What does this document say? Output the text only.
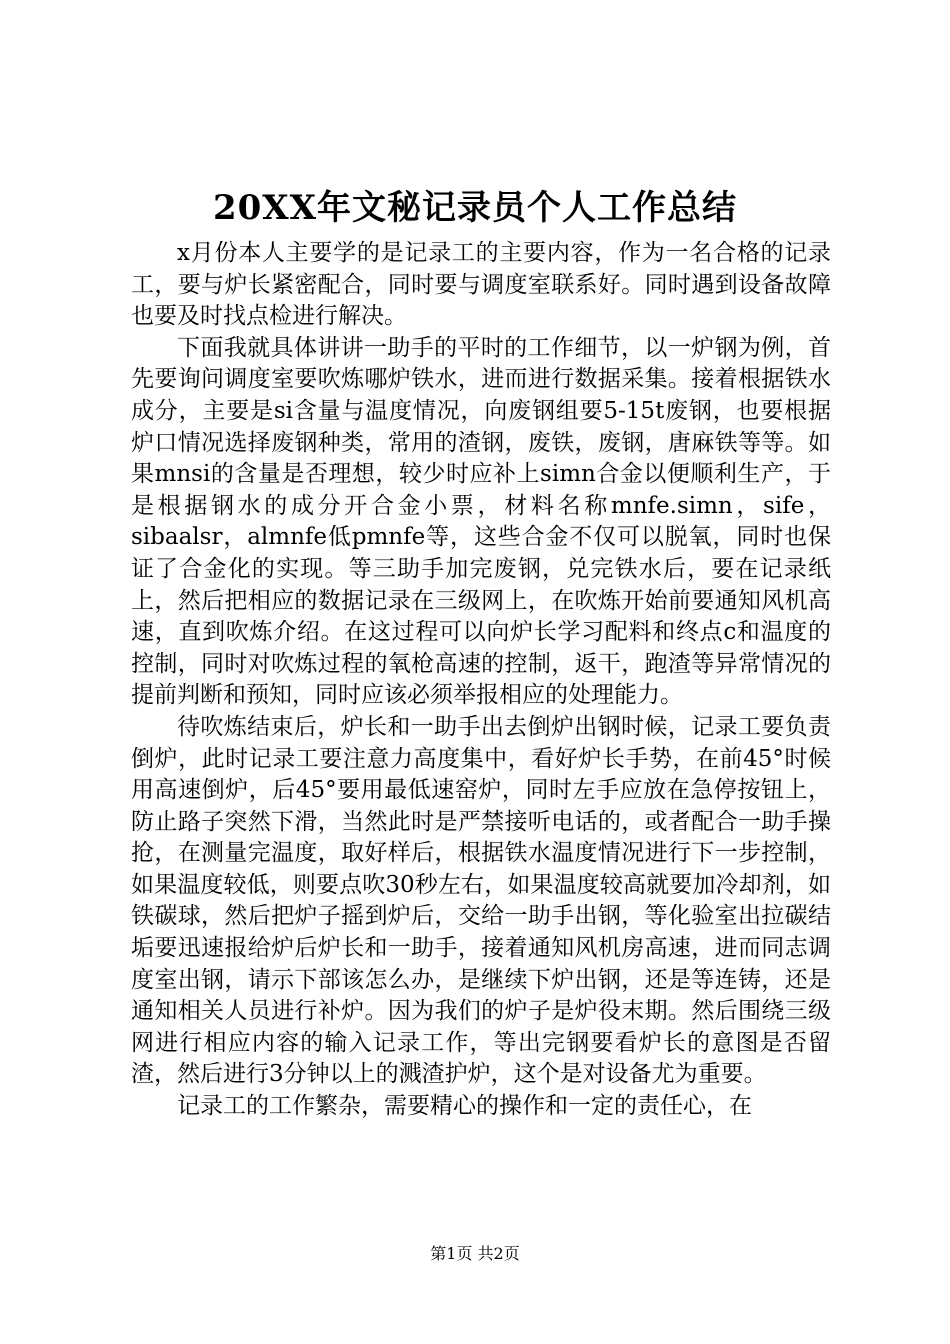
20XX年文秘记录员个人工作总结

x月份本人主要学的是记录工的主要内容，作为一名合格的记录工，要与炉长紧密配合，同时要与调度室联系好。同时遇到设备故障也要及时找点检进行解决。

下面我就具体讲讲一助手的平时的工作细节，以一炉钢为例，首先要询问调度室要吹炼哪炉铁水，进而进行数据采集。接着根据铁水成分，主要是si含量与温度情况，向废钢组要5-15t废钢，也要根据炉口情况选择废钢种类，常用的渣钢，废铁，废钢，唐麻铁等等。如果mnsi的含量是否理想，较少时应补上simn合金以便顺利生产，于是根据钢水的成分开合金小票，材料名称mnfe.simn，sife，sibaalsr，almnfe低pmnfe等，这些合金不仅可以脱氧，同时也保证了合金化的实现。等三助手加完废钢，兑完铁水后，要在记录纸上，然后把相应的数据记录在三级网上，在吹炼开始前要通知风机高速，直到吹炼介绍。在这过程可以向炉长学习配料和终点c和温度的控制，同时对吹炼过程的氧枪高速的控制，返干，跑渣等异常情况的提前判断和预知，同时应该必须举报相应的处理能力。

待吹炼结束后，炉长和一助手出去倒炉出钢时候，记录工要负责倒炉，此时记录工要注意力高度集中，看好炉长手势，在前45°时候用高速倒炉，后45°要用最低速窑炉，同时左手应放在急停按钮上，防止路子突然下滑，当然此时是严禁接听电话的，或者配合一助手操抢，在测量完温度，取好样后，根据铁水温度情况进行下一步控制，如果温度较低，则要点吹30秒左右，如果温度较高就要加冷却剂，如铁碳球，然后把炉子摇到炉后，交给一助手出钢，等化验室出拉碳结垢要迅速报给炉后炉长和一助手，接着通知风机房高速，进而同志调度室出钢，请示下部该怎么办，是继续下炉出钢，还是等连铸，还是通知相关人员进行补炉。因为我们的炉子是炉役末期。然后围绕三级网进行相应内容的输入记录工作，等出完钢要看炉长的意图是否留渣，然后进行3分钟以上的溅渣护炉，这个是对设备尤为重要。

记录工的工作繁杂，需要精心的操作和一定的责任心，在

第1页 共2页
